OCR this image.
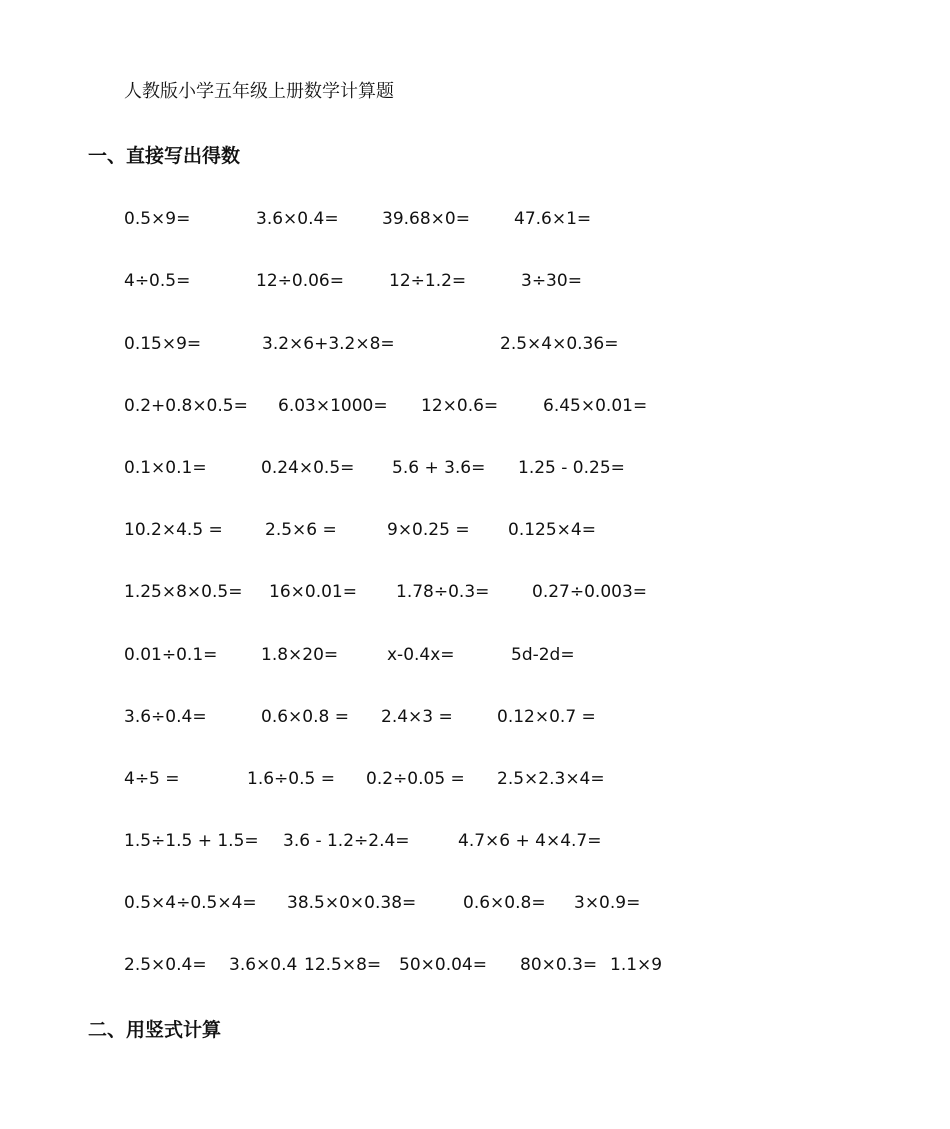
人教版小学五年级上册数学计算题
一、直接写出得数
0.5×9=	3.6×0.4=	39.68×0=	47.6×1=
4÷0.5=	12÷0.06=	12÷1.2=	3÷30=
0.15×9=	3.2×6+3.2×8=	2.5×4×0.36=
0.2+0.8×0.5= 6.03×1000= 12×0.6=	6.45×0.01=
0.1×0.1=	0.24×0.5= 5.6 + 3.6= 1.25 - 0.25=
10.2×4.5 = 2.5×6 =	9×0.25 = 0.125×4=
1.25×8×0.5= 16×0.01= 1.78÷0.3=	0.27÷0.003=
0.01÷0.1=	1.8×20=	x-0.4x=	5d-2d=
3.6÷0.4=	0.6×0.8 = 2.4×3 =	0.12×0.7 =
4÷5 =	1.6÷0.5 = 0.2÷0.05 = 2.5×2.3×4=
1.5÷1.5 + 1.5= 3.6 - 1.2÷2.4=	4.7×6 + 4×4.7=
0.5×4÷0.5×4= 38.5×0×0.38=	0.6×0.8= 3×0.9=
2.5×0.4= 3.6×0.4 12.5×8= 50×0.04= 80×0.3= 1.1×9
二、用竖式计算
